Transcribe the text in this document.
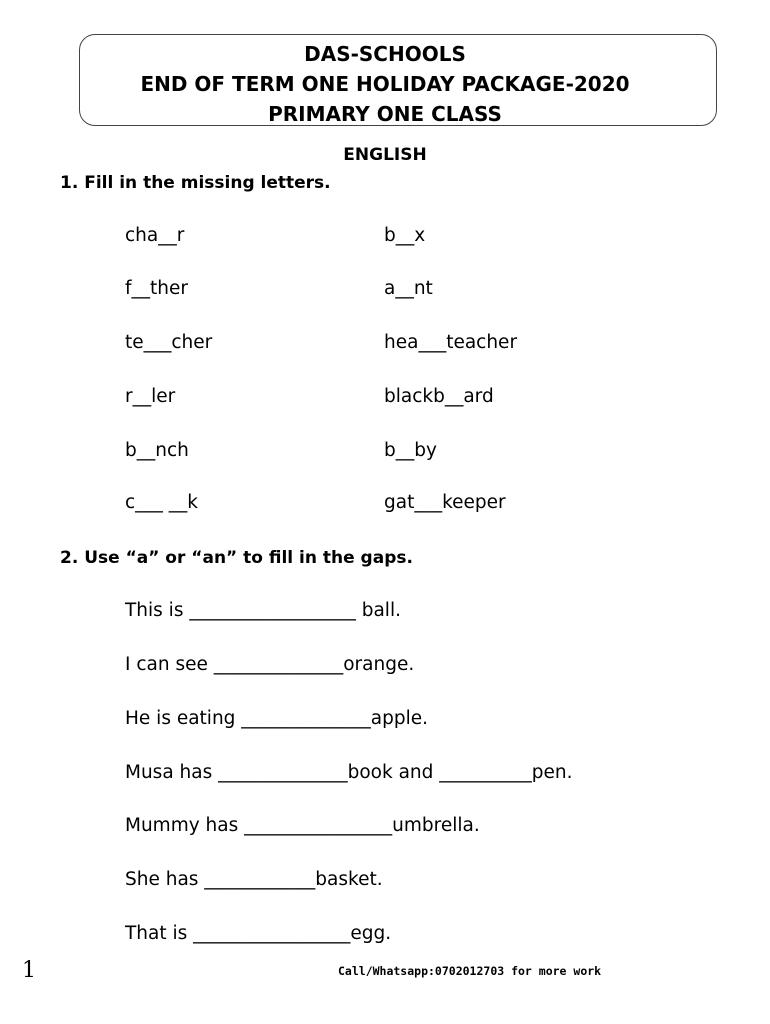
DAS-SCHOOLS
END OF TERM ONE HOLIDAY PACKAGE-2020
PRIMARY ONE CLASS
ENGLISH
1. Fill in the missing letters.
cha__r	b__x
f__ther	a__nt
te___cher	hea___teacher
r__ler	blackb__ard
b__nch	b__by
c___ __k	gat___keeper
2. Use “a” or “an” to fill in the gaps.
This is __________________ ball.
I can see ______________orange.
He is eating ______________apple.
Musa has ______________book and __________pen.
Mummy has ________________umbrella.
She has ____________basket.
That is _________________egg.
1	Call/Whatsapp:0702012703 for more work
